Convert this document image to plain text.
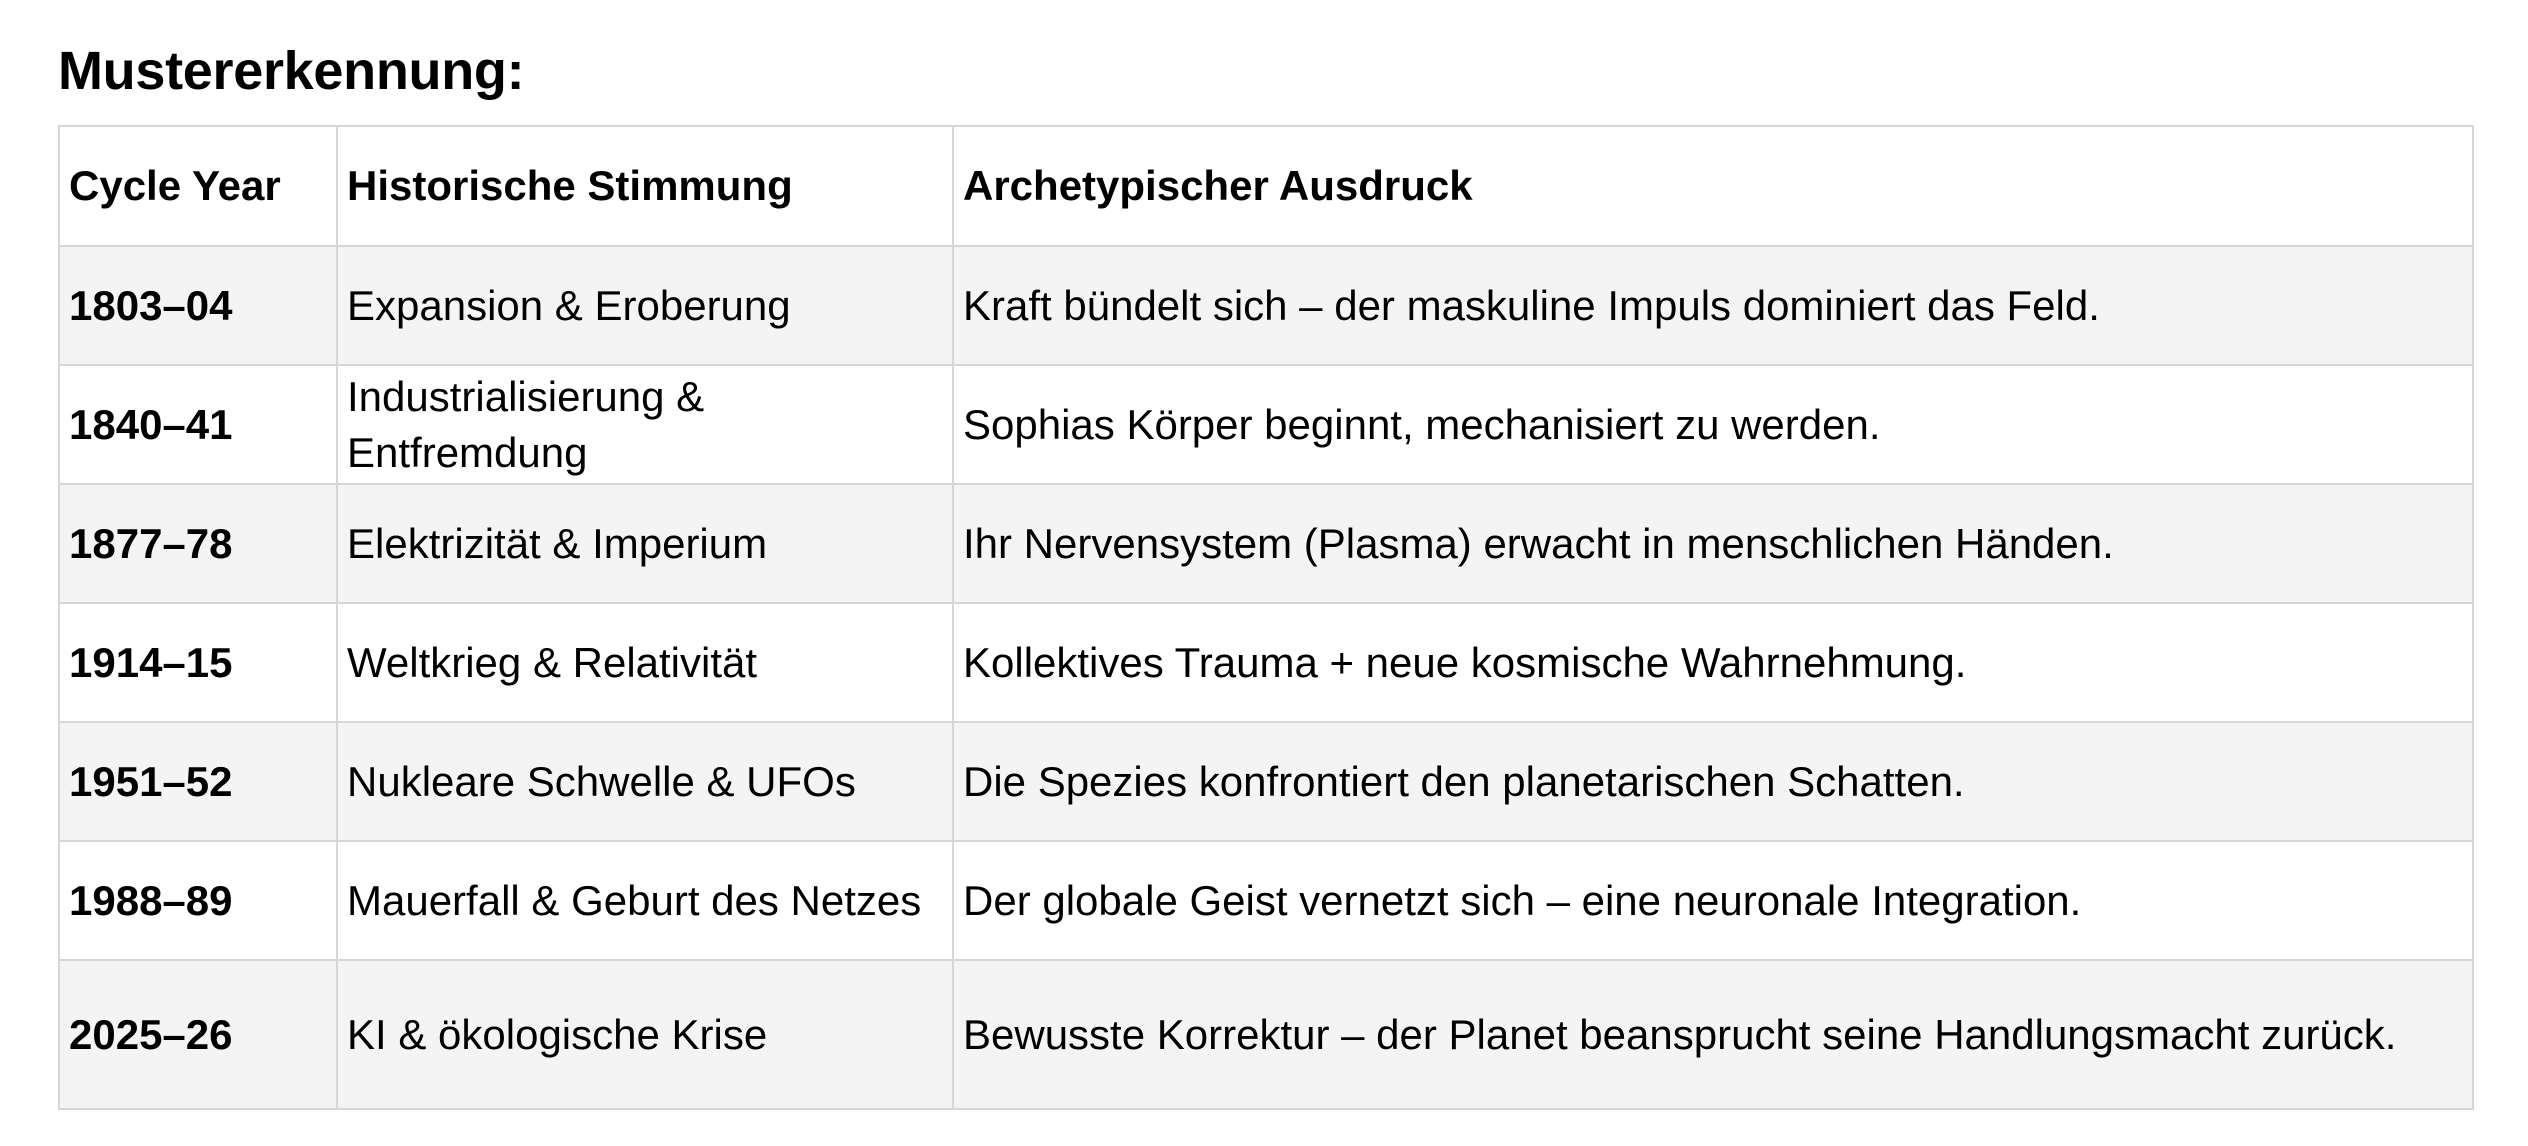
Mustererkennung:
Cycle Year	Historische Stimmung	Archetypischer Ausdruck
1803–04	Expansion & Eroberung	Kraft bündelt sich – der maskuline Impuls dominiert das Feld.
1840–41	Industrialisierung & Entfremdung	Sophias Körper beginnt, mechanisiert zu werden.
1877–78	Elektrizität & Imperium	Ihr Nervensystem (Plasma) erwacht in menschlichen Händen.
1914–15	Weltkrieg & Relativität	Kollektives Trauma + neue kosmische Wahrnehmung.
1951–52	Nukleare Schwelle & UFOs	Die Spezies konfrontiert den planetarischen Schatten.
1988–89	Mauerfall & Geburt des Netzes	Der globale Geist vernetzt sich – eine neuronale Integration.
2025–26	KI & ökologische Krise	Bewusste Korrektur – der Planet beansprucht seine Handlungsmacht zurück.
